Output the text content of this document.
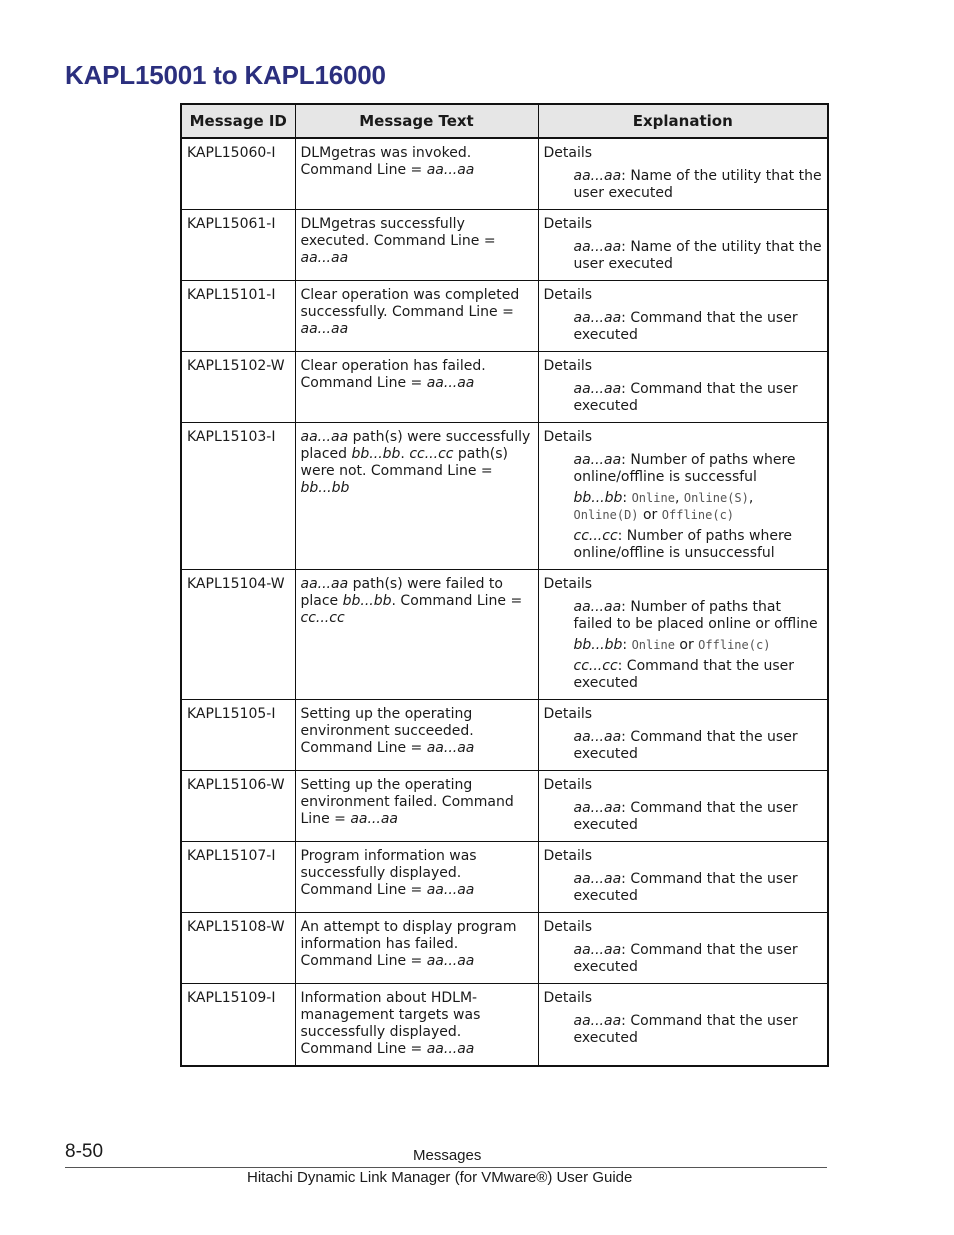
KAPL15001 to KAPL16000
Message ID	Message Text	Explanation
KAPL15060-I	DLMgetras was invoked. Command Line = aa...aa	Details
aa...aa: Name of the utility that the user executed

KAPL15061-I	DLMgetras successfully executed. Command Line = aa...aa	Details
aa...aa: Name of the utility that the user executed

KAPL15101-I	Clear operation was completed successfully. Command Line = aa...aa	Details
aa...aa: Command that the user executed

KAPL15102-W	Clear operation has failed. Command Line = aa...aa	Details
aa...aa: Command that the user executed

KAPL15103-I	aa...aa path(s) were successfully placed bb...bb. cc...cc path(s) were not. Command Line = bb...bb	Details
aa...aa: Number of paths where online/offline is successful
bb...bb: Online, Online(S), Online(D) or Offline(c)
cc...cc: Number of paths where online/offline is unsuccessful

KAPL15104-W	aa...aa path(s) were failed to place bb...bb. Command Line = cc...cc	Details
aa...aa: Number of paths that failed to be placed online or offline
bb...bb: Online or Offline(c)
cc...cc: Command that the user executed

KAPL15105-I	Setting up the operating environment succeeded. Command Line = aa...aa	Details
aa...aa: Command that the user executed

KAPL15106-W	Setting up the operating environment failed. Command Line = aa...aa	Details
aa...aa: Command that the user executed

KAPL15107-I	Program information was successfully displayed. Command Line = aa...aa	Details
aa...aa: Command that the user executed

KAPL15108-W	An attempt to display program information has failed. Command Line = aa...aa	Details
aa...aa: Command that the user executed

KAPL15109-I	Information about HDLM-management targets was successfully displayed. Command Line = aa...aa	Details
aa...aa: Command that the user executed
8-50	Messages
Hitachi Dynamic Link Manager (for VMware®) User Guide
